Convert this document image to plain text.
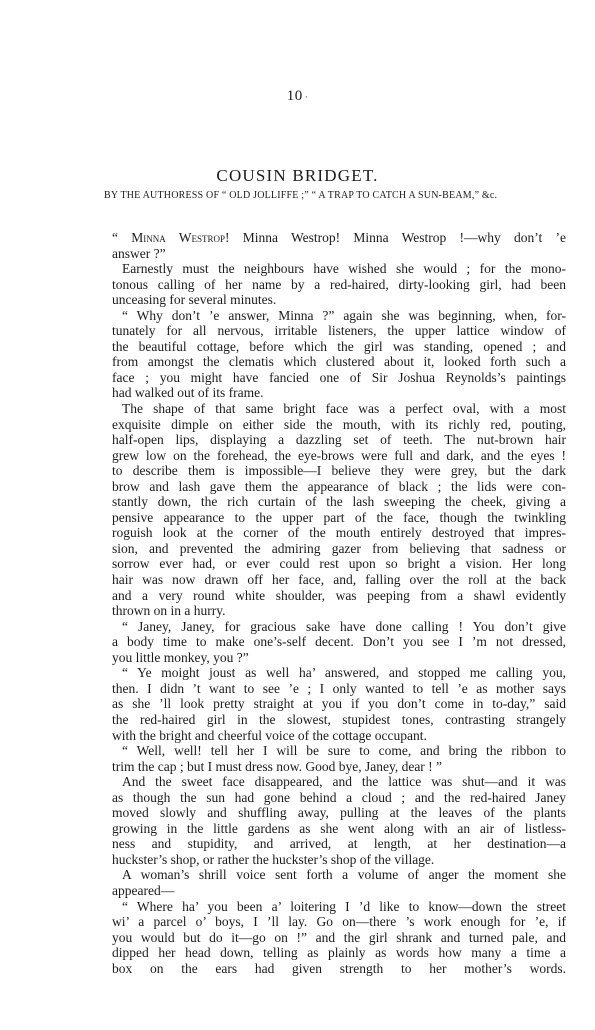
10 ·
COUSIN BRIDGET.
BY THE AUTHORESS OF “ OLD JOLLIFFE ;” “ A TRAP TO CATCH A SUN-BEAM,” &c.
“ Minna Westrop! Minna Westrop! Minna Westrop !—why don’t ’e
answer ?”
Earnestly must the neighbours have wished she would ; for the mono-
tonous calling of her name by a red-haired, dirty-looking girl, had been
unceasing for several minutes.
“ Why don’t ’e answer, Minna ?” again she was beginning, when, for-
tunately for all nervous, irritable listeners, the upper lattice window of
the beautiful cottage, before which the girl was standing, opened ; and
from amongst the clematis which clustered about it, looked forth such a
face ; you might have fancied one of Sir Joshua Reynolds’s paintings
had walked out of its frame.
The shape of that same bright face was a perfect oval, with a most
exquisite dimple on either side the mouth, with its richly red, pouting,
half-open lips, displaying a dazzling set of teeth. The nut-brown hair
grew low on the forehead, the eye-brows were full and dark, and the eyes !
to describe them is impossible—I believe they were grey, but the dark
brow and lash gave them the appearance of black ; the lids were con-
stantly down, the rich curtain of the lash sweeping the cheek, giving a
pensive appearance to the upper part of the face, though the twinkling
roguish look at the corner of the mouth entirely destroyed that impres-
sion, and prevented the admiring gazer from believing that sadness or
sorrow ever had, or ever could rest upon so bright a vision. Her long
hair was now drawn off her face, and, falling over the roll at the back
and a very round white shoulder, was peeping from a shawl evidently
thrown on in a hurry.
“ Janey, Janey, for gracious sake have done calling ! You don’t give
a body time to make one’s-self decent. Don’t you see I ’m not dressed,
you little monkey, you ?”
“ Ye moight joust as well ha’ answered, and stopped me calling you,
then. I didn ’t want to see ’e ; I only wanted to tell ’e as mother says
as she ’ll look pretty straight at you if you don’t come in to-day,” said
the red-haired girl in the slowest, stupidest tones, contrasting strangely
with the bright and cheerful voice of the cottage occupant.
“ Well, well! tell her I will be sure to come, and bring the ribbon to
trim the cap ; but I must dress now. Good bye, Janey, dear ! ”
And the sweet face disappeared, and the lattice was shut—and it was
as though the sun had gone behind a cloud ; and the red-haired Janey
moved slowly and shuffling away, pulling at the leaves of the plants
growing in the little gardens as she went along with an air of listless-
ness and stupidity, and arrived, at length, at her destination—a
huckster’s shop, or rather the huckster’s shop of the village.
A woman’s shrill voice sent forth a volume of anger the moment she
appeared—
“ Where ha’ you been a’ loitering I ’d like to know—down the street
wi’ a parcel o’ boys, I ’ll lay. Go on—there ’s work enough for ’e, if
you would but do it—go on !” and the girl shrank and turned pale, and
dipped her head down, telling as plainly as words how many a time a
box on the ears had given strength to her mother’s words.
